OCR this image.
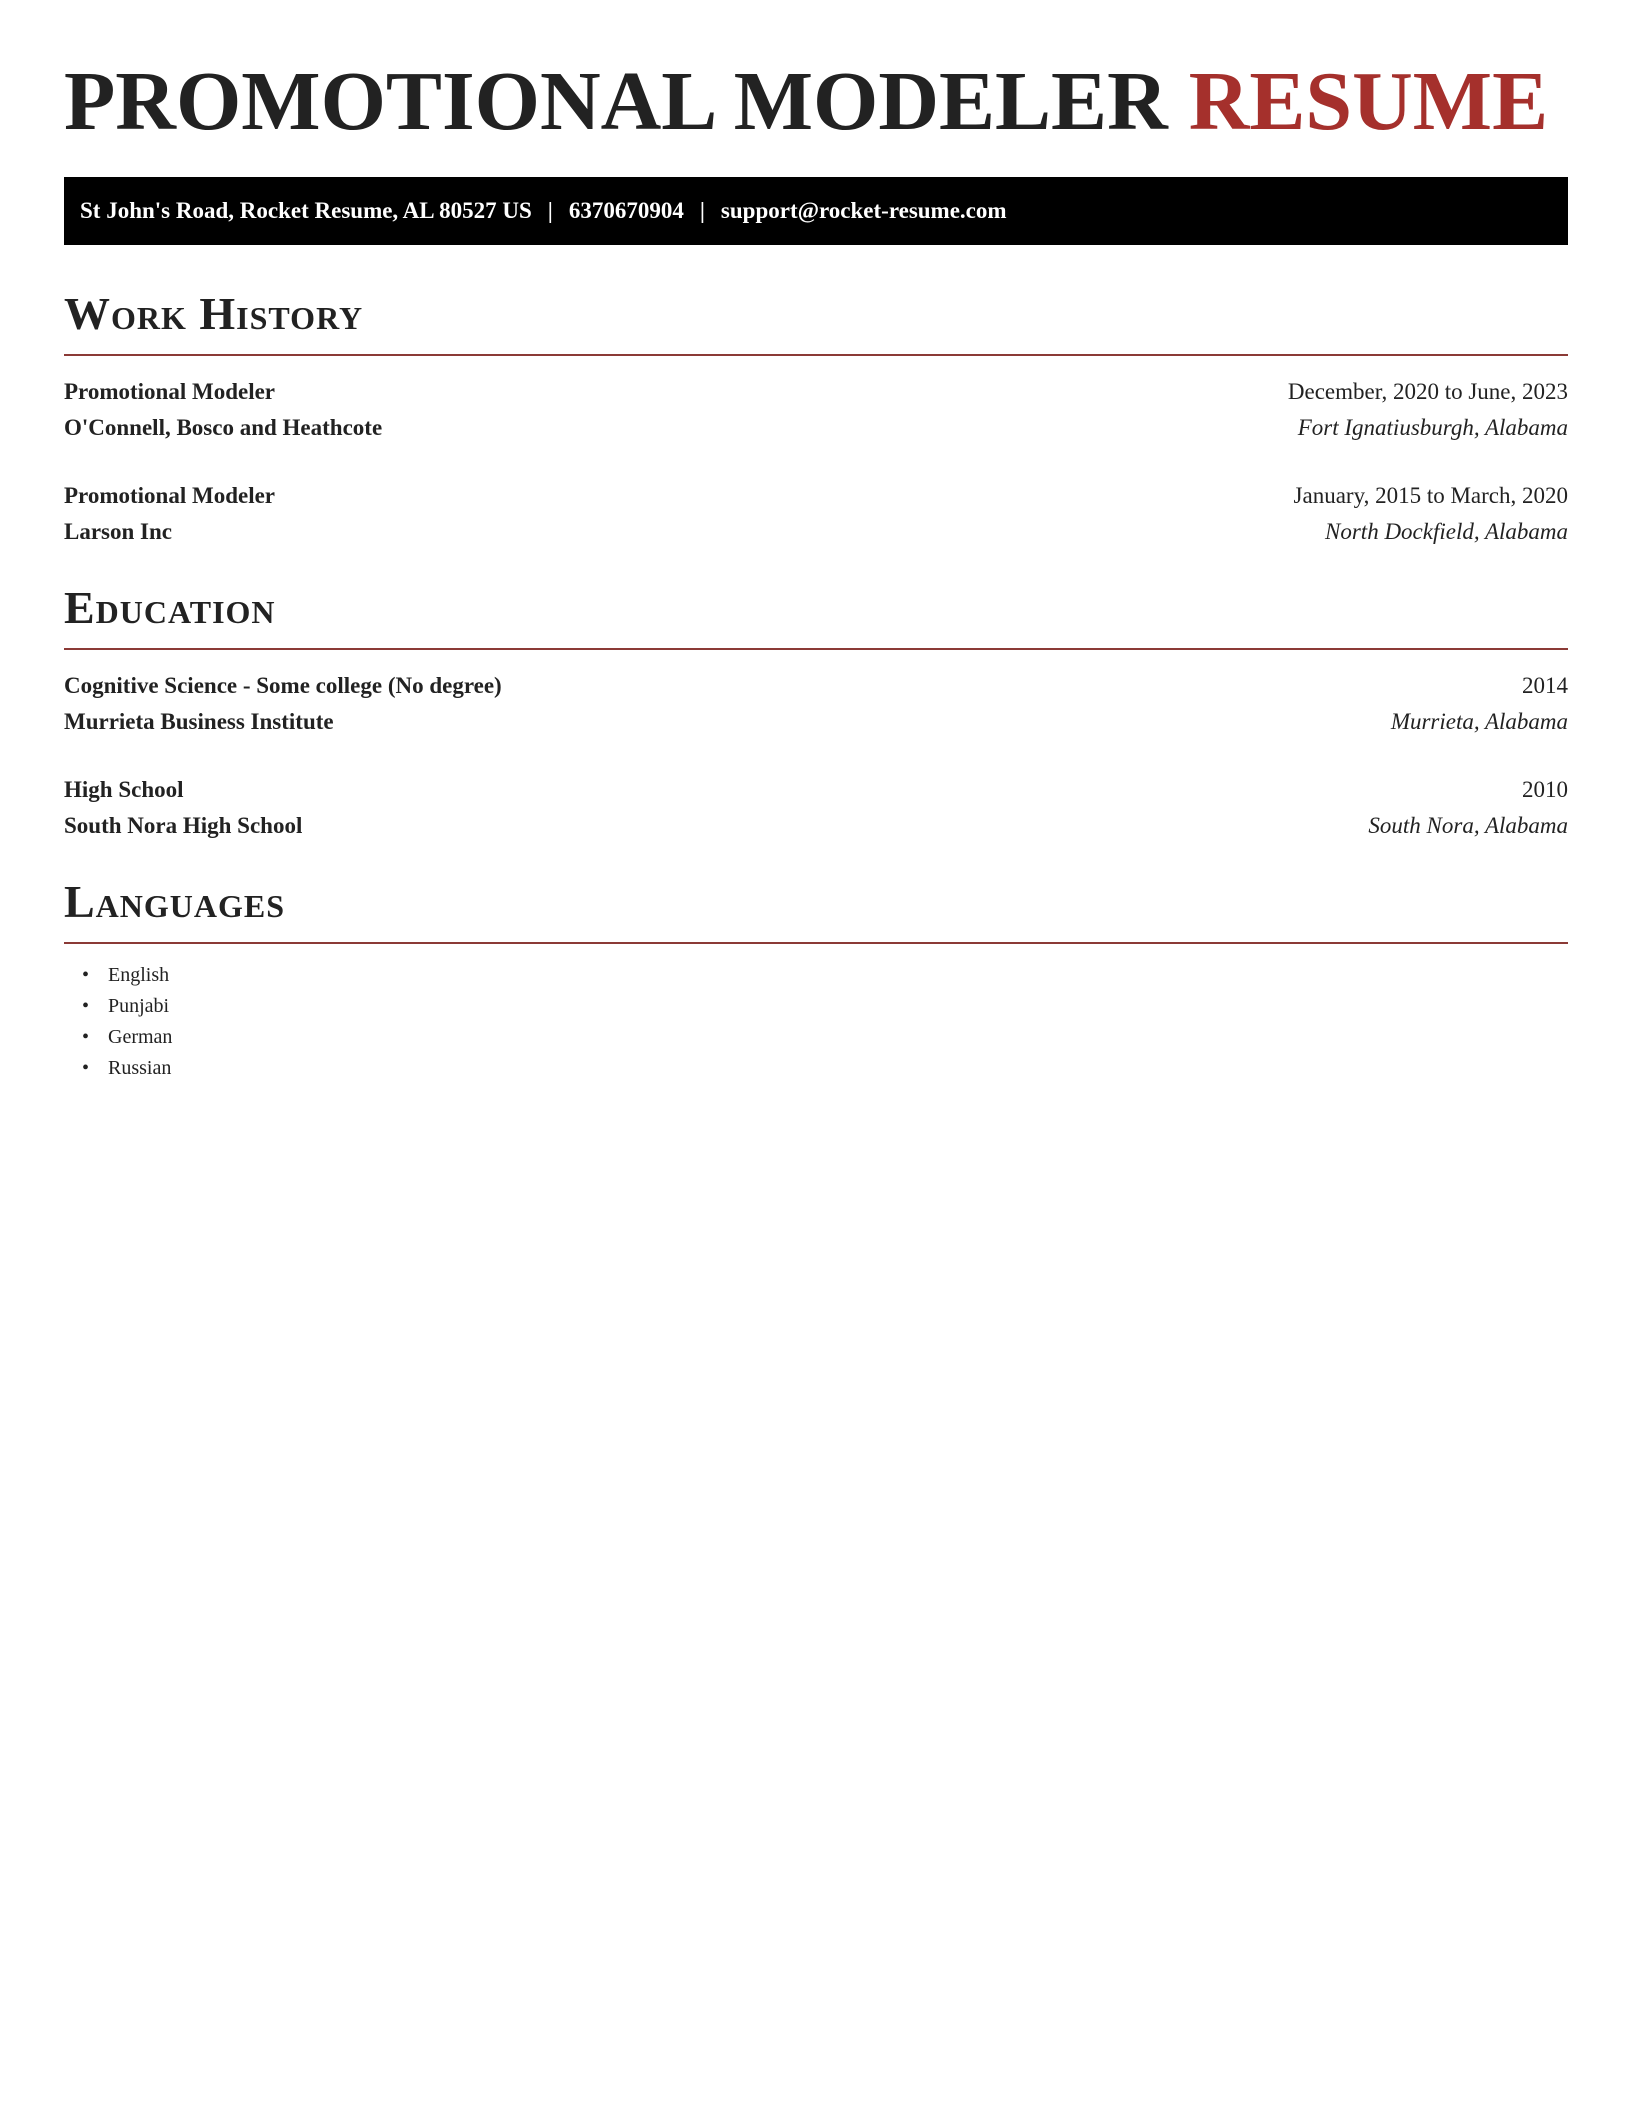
PROMOTIONAL MODELER RESUME
St John's Road, Rocket Resume, AL 80527 US | 6370670904 | support@rocket-resume.com
Work History
Promotional Modeler	December, 2020 to June, 2023
O'Connell, Bosco and Heathcote	Fort Ignatiusburgh, Alabama
Promotional Modeler	January, 2015 to March, 2020
Larson Inc	North Dockfield, Alabama
Education
Cognitive Science - Some college (No degree)	2014
Murrieta Business Institute	Murrieta, Alabama
High School	2010
South Nora High School	South Nora, Alabama
Languages
• English
• Punjabi
• German
• Russian
